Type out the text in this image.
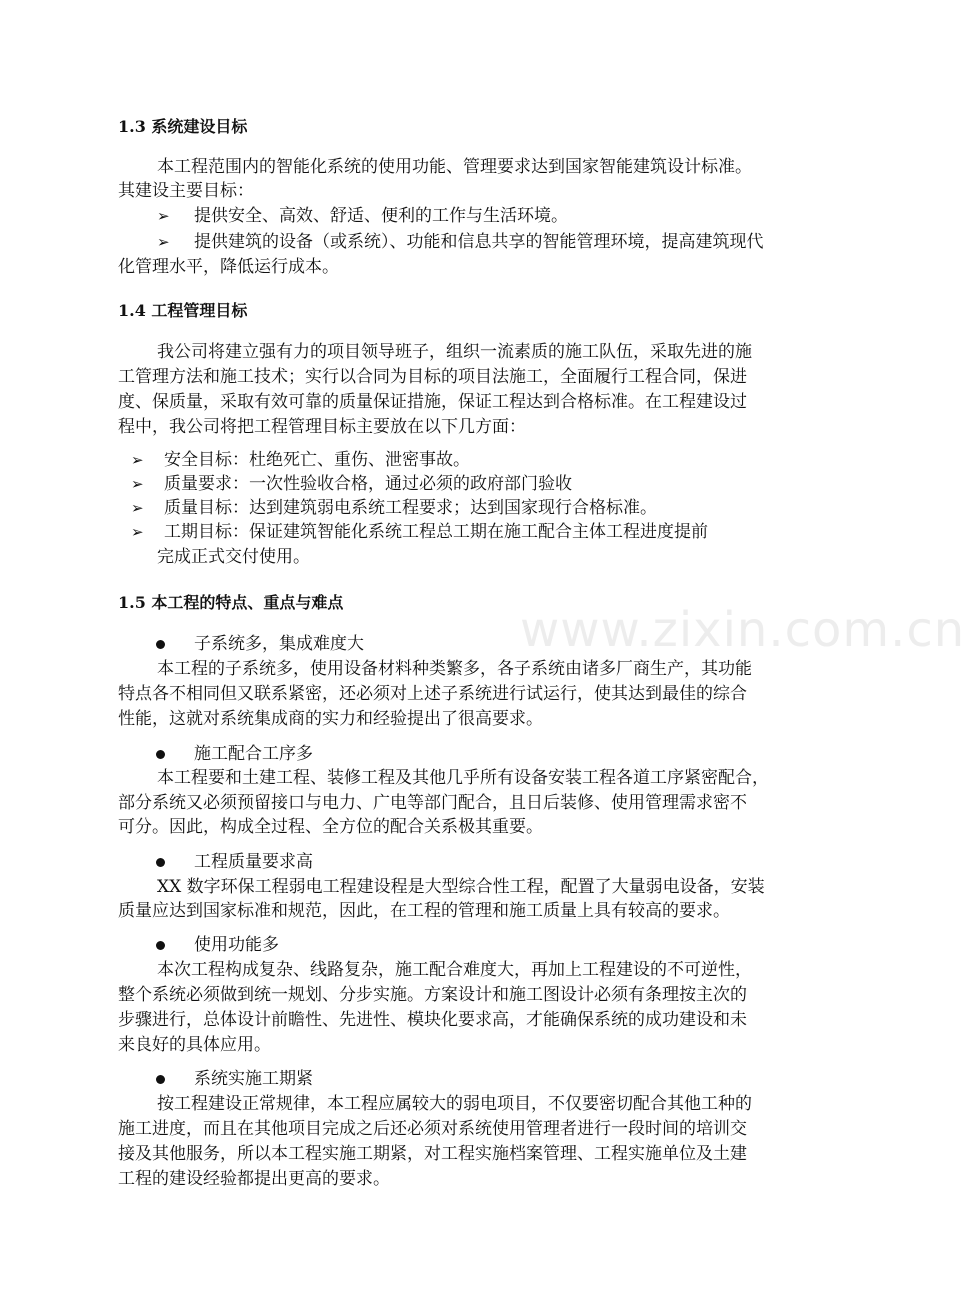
www.zixin.com.cn
1.3 系统建设目标
本工程范围内的智能化系统的使用功能、管理要求达到国家智能建筑设计标准。
其建设主要目标：
➢ 提供安全、高效、舒适、便利的工作与生活环境。
➢ 提供建筑的设备（或系统）、功能和信息共享的智能管理环境，提高建筑现代
化管理水平，降低运行成本。
1.4 工程管理目标
我公司将建立强有力的项目领导班子，组织一流素质的施工队伍，采取先进的施
工管理方法和施工技术；实行以合同为目标的项目法施工，全面履行工程合同，保进
度、保质量，采取有效可靠的质量保证措施，保证工程达到合格标准。在工程建设过
程中，我公司将把工程管理目标主要放在以下几方面：
➢ 安全目标：杜绝死亡、重伤、泄密事故。
➢ 质量要求：一次性验收合格，通过必须的政府部门验收
➢ 质量目标：达到建筑弱电系统工程要求；达到国家现行合格标准。
➢ 工期目标：保证建筑智能化系统工程总工期在施工配合主体工程进度提前
完成正式交付使用。
1.5 本工程的特点、重点与难点
子系统多，集成难度大
本工程的子系统多，使用设备材料种类繁多，各子系统由诸多厂商生产，其功能
特点各不相同但又联系紧密，还必须对上述子系统进行试运行，使其达到最佳的综合
性能，这就对系统集成商的实力和经验提出了很高要求。
施工配合工序多
本工程要和土建工程、装修工程及其他几乎所有设备安装工程各道工序紧密配合，
部分系统又必须预留接口与电力、广电等部门配合，且日后装修、使用管理需求密不
可分。因此，构成全过程、全方位的配合关系极其重要。
工程质量要求高
XX 数字环保工程弱电工程建设程是大型综合性工程，配置了大量弱电设备，安装
质量应达到国家标准和规范，因此，在工程的管理和施工质量上具有较高的要求。
使用功能多
本次工程构成复杂、线路复杂，施工配合难度大，再加上工程建设的不可逆性，
整个系统必须做到统一规划、分步实施。方案设计和施工图设计必须有条理按主次的
步骤进行，总体设计前瞻性、先进性、模块化要求高，才能确保系统的成功建设和未
来良好的具体应用。
系统实施工期紧
按工程建设正常规律，本工程应属较大的弱电项目，不仅要密切配合其他工种的
施工进度，而且在其他项目完成之后还必须对系统使用管理者进行一段时间的培训交
接及其他服务，所以本工程实施工期紧，对工程实施档案管理、工程实施单位及土建
工程的建设经验都提出更高的要求。
